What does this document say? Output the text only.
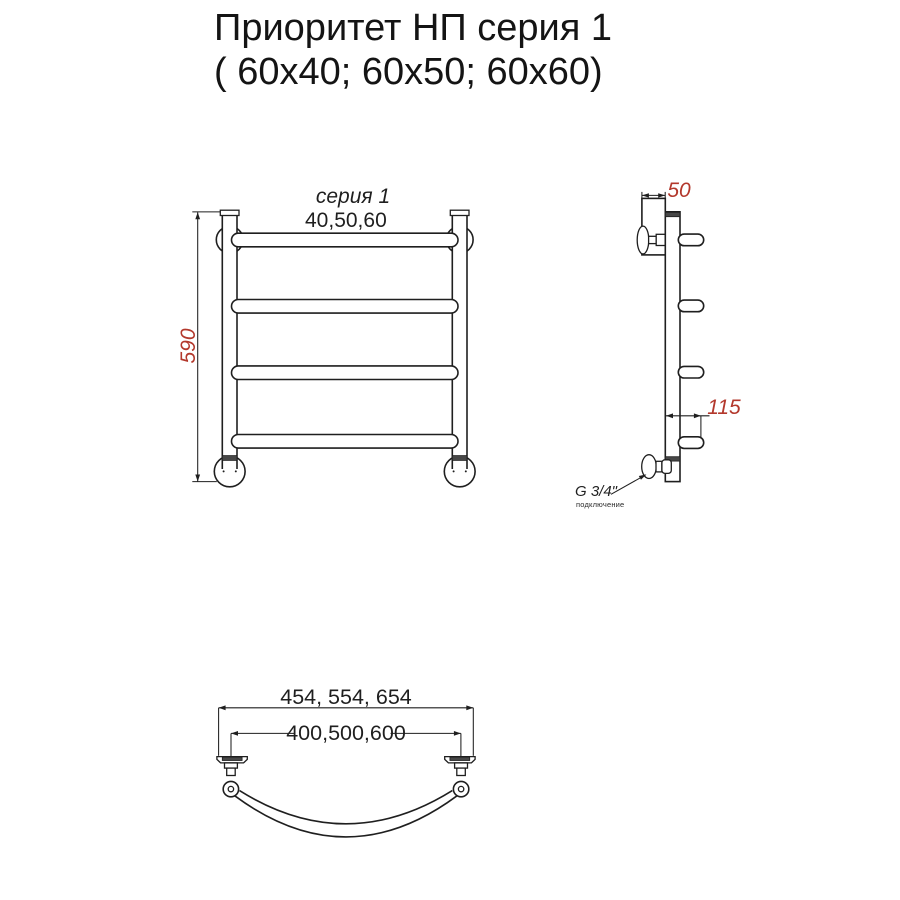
Приоритет НП серия 1
( 60x40; 60x50; 60x60)
серия 1
40,50,60
590
50
115
G 3/4"
подключение
454, 554, 654
400,500,600
